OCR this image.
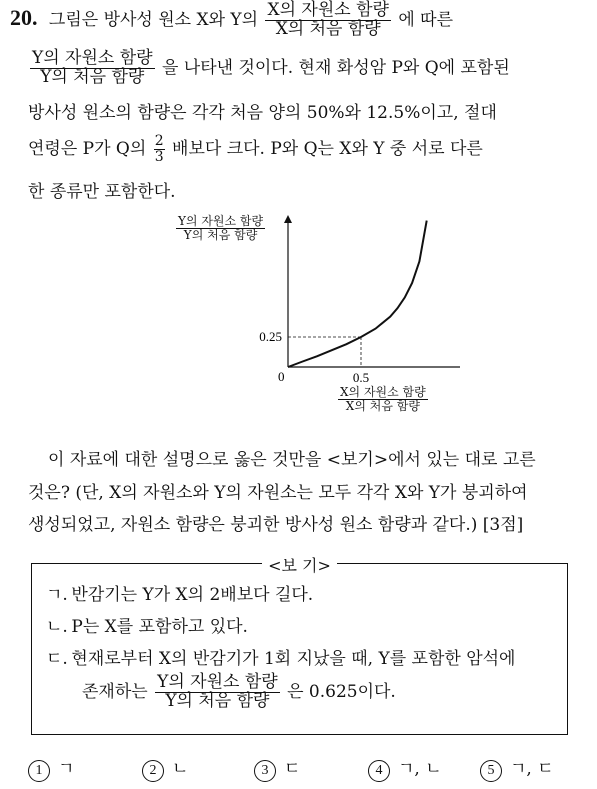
20. 그림은 방사성 원소 X와 Y의 $\frac{\text{X의 자원소 함량}}{\text{X의 처음 함량}}$ 에 따른
$\frac{\text{Y의 자원소 함량}}{\text{Y의 처음 함량}}$ 을 나타낸 것이다. 현재 화성암 P와 Q에 포함된
방사성 원소의 함량은 각각 처음 양의 50%와 12.5%이고, 절대
연령은 P가 Q의 $\frac{2}{3}$ 배보다 크다. P와 Q는 X와 Y 중 서로 다른
한 종류만 포함한다.
0	0.5
0.25
$\frac{\text{Y의 자원소 함량}}{\text{Y의 처음 함량}}$
$\frac{\text{X의 자원소 함량}}{\text{X의 처음 함량}}$
이 자료에 대한 설명으로 옳은 것만을 <보기>에서 있는 대로 고른
것은? (단, X의 자원소와 Y의 자원소는 모두 각각 X와 Y가 붕괴하여
생성되었고, 자원소 함량은 붕괴한 방사성 원소 함량과 같다.) [3점]
<보 기>
ㄱ. 반감기는 Y가 X의 2배보다 길다.
ㄴ. P는 X를 포함하고 있다.
ㄷ. 현재로부터 X의 반감기가 1회 지났을 때, Y를 포함한 암석에
존재하는 $\frac{\text{Y의 자원소 함량}}{\text{Y의 처음 함량}}$ 은 0.625이다.
1 ㄱ	2 ㄴ	3 ㄷ	4 ㄱ, ㄴ	5 ㄱ, ㄷ
